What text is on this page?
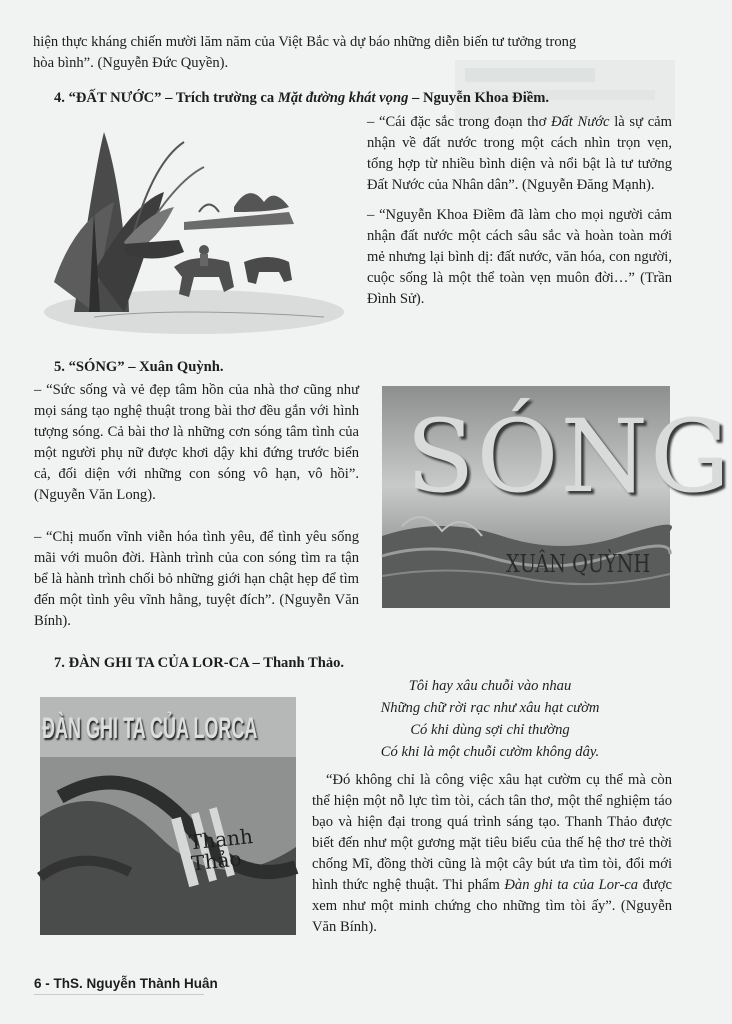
hiện thực kháng chiến mười lăm năm của Việt Bắc và dự báo những diễn biến tư tưởng trong

hòa bình”. (Nguyễn Đức Quyền).

4. “ĐẤT NƯỚC” – Trích trường ca Mặt đường khát vọng – Nguyễn Khoa Điềm.

– “Cái đặc sắc trong đoạn thơ Đất Nước là sự cảm nhận về đất nước trong một cách nhìn trọn vẹn, tổng hợp từ nhiều bình diện và nổi bật là tư tưởng Đất Nước của Nhân dân”. (Nguyễn Đăng Mạnh).

– “Nguyễn Khoa Điềm đã làm cho mọi người cảm nhận đất nước một cách sâu sắc và hoàn toàn mới mẻ nhưng lại bình dị: đất nước, văn hóa, con người, cuộc sống là một thể toàn vẹn muôn đời…” (Trần Đình Sử).

5. “SÓNG” – Xuân Quỳnh.

– “Sức sống và vẻ đẹp tâm hồn của nhà thơ cũng như mọi sáng tạo nghệ thuật trong bài thơ đều gắn với hình tượng sóng. Cả bài thơ là những cơn sóng tâm tình của một người phụ nữ được khơi dậy khi đứng trước biển cả, đối diện với những con sóng vô hạn, vô hồi”. (Nguyễn Văn Long).

– “Chị muốn vĩnh viễn hóa tình yêu, để tình yêu sống mãi với muôn đời. Hành trình của con sóng tìm ra tận bể là hành trình chối bỏ những giới hạn chật hẹp để tìm đến một tình yêu vĩnh hằng, tuyệt đích”. (Nguyễn Văn Bính).

SÓNG
XUÂN QUỲNH

7. ĐÀN GHI TA CỦA LOR-CA – Thanh Thảo.

ĐÀN GHI TA CỦA LORCA
Thanh Thảo

Tôi hay xâu chuỗi vào nhau

Những chữ rời rạc như xâu hạt cườm

Có khi dùng sợi chỉ thường

Có khi là một chuỗi cườm không dây.

“Đó không chỉ là công việc xâu hạt cườm cụ thể mà còn thể hiện một nỗ lực tìm tòi, cách tân thơ, một thể nghiệm táo bạo và hiện đại trong quá trình sáng tạo. Thanh Thảo được biết đến như một gương mặt tiêu biểu của thế hệ thơ trẻ thời chống Mĩ, đồng thời cũng là một cây bút ưa tìm tòi, đổi mới hình thức nghệ thuật. Thi phẩm Đàn ghi ta của Lor-ca được xem như một minh chứng cho những tìm tòi ấy”. (Nguyễn Văn Bính).

6 - ThS. Nguyễn Thành Huân
